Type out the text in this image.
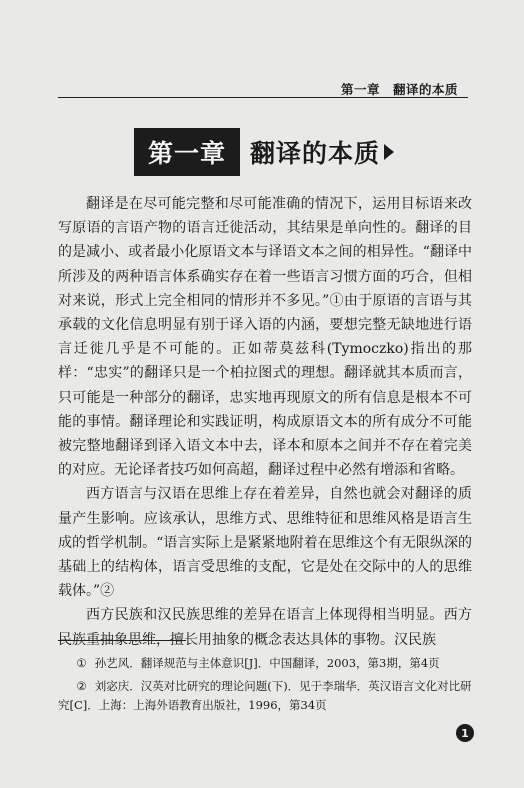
第一章　翻译的本质
第一章 翻译的本质

翻译是在尽可能完整和尽可能准确的情况下，运用目标语来改写原语的言语产物的语言迁徙活动，其结果是单向性的。翻译的目的是减小、或者最小化原语文本与译语文本之间的相异性。“翻译中所涉及的两种语言体系确实存在着一些语言习惯方面的巧合，但相对来说，形式上完全相同的情形并不多见。”①由于原语的言语与其承载的文化信息明显有别于译入语的内涵，要想完整无缺地进行语言迁徙几乎是不可能的。正如蒂莫兹科(Tymoczko)指出的那样：“忠实”的翻译只是一个柏拉图式的理想。翻译就其本质而言，只可能是一种部分的翻译，忠实地再现原文的所有信息是根本不可能的事情。翻译理论和实践证明，构成原语文本的所有成分不可能被完整地翻译到译入语文本中去，译本和原本之间并不存在着完美的对应。无论译者技巧如何高超，翻译过程中必然有增添和省略。

西方语言与汉语在思维上存在着差异，自然也就会对翻译的质量产生影响。应该承认，思维方式、思维特征和思维风格是语言生成的哲学机制。“语言实际上是紧紧地附着在思维这个有无限纵深的基础上的结构体，语言受思维的支配，它是处在交际中的人的思维载体。”②

西方民族和汉民族思维的差异在语言上体现得相当明显。西方民族重抽象思维，擅长用抽象的概念表达具体的事物。汉民族

① 孙艺风．翻译规范与主体意识[J]．中国翻译，2003，第3期，第4页

② 刘宓庆．汉英对比研究的理论问题(下)．见于李瑞华．英汉语言文化对比研究[C]．上海：上海外语教育出版社，1996，第34页

1
